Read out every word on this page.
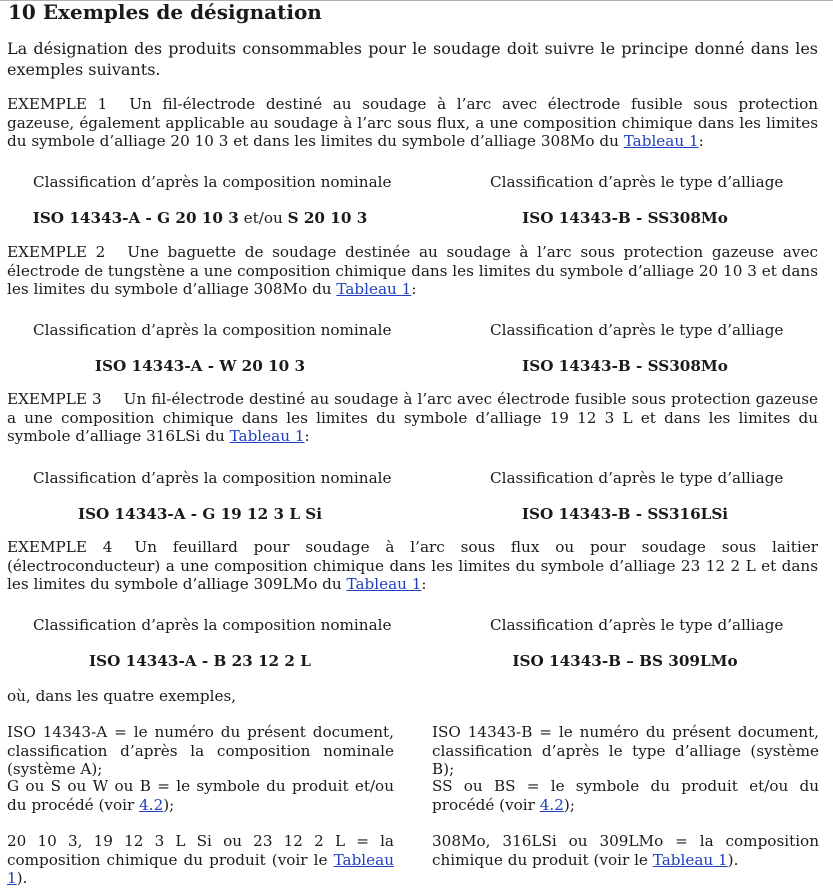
10 Exemples de désignation

La désignation des produits consommables pour le soudage doit suivre le principe donné dans les exemples suivants.

EXEMPLE 1 Un fil-électrode destiné au soudage à l’arc avec électrode fusible sous protection gazeuse, également applicable au soudage à l’arc sous flux, a une composition chimique dans les limites du symbole d’alliage 20 10 3 et dans les limites du symbole d’alliage 308Mo du Tableau 1:

Classification d’après la composition nominale	Classification d’après le type d’alliage

ISO 14343-A - G 20 10 3 et/ou S 20 10 3	ISO 14343-B - SS308Mo

EXEMPLE 2 Une baguette de soudage destinée au soudage à l’arc sous protection gazeuse avec électrode de tungstène a une composition chimique dans les limites du symbole d’alliage 20 10 3 et dans les limites du symbole d’alliage 308Mo du Tableau 1:

Classification d’après la composition nominale	Classification d’après le type d’alliage

ISO 14343-A - W 20 10 3	ISO 14343-B - SS308Mo

EXEMPLE 3 Un fil-électrode destiné au soudage à l’arc avec électrode fusible sous protection gazeuse a une composition chimique dans les limites du symbole d’alliage 19 12 3 L et dans les limites du symbole d’alliage 316LSi du Tableau 1:

Classification d’après la composition nominale	Classification d’après le type d’alliage

ISO 14343-A - G 19 12 3 L Si	ISO 14343-B - SS316LSi

EXEMPLE 4 Un feuillard pour soudage à l’arc sous flux ou pour soudage sous laitier (électroconducteur) a une composition chimique dans les limites du symbole d’alliage 23 12 2 L et dans les limites du symbole d’alliage 309LMo du Tableau 1:

Classification d’après la composition nominale	Classification d’après le type d’alliage

ISO 14343-A - B 23 12 2 L	ISO 14343-B – BS 309LMo

où, dans les quatre exemples,

ISO 14343-A = le numéro du présent document, classification d’après la composition nominale (système A);

G ou S ou W ou B = le symbole du produit et/ou du procédé (voir 4.2);

20 10 3, 19 12 3 L Si ou 23 12 2 L = la composition chimique du produit (voir le Tableau 1).

ISO 14343-B = le numéro du présent document, classification d’après le type d’alliage (système B);

SS ou BS = le symbole du produit et/ou du procédé (voir 4.2);

308Mo, 316LSi ou 309LMo = la composition chimique du produit (voir le Tableau 1).
